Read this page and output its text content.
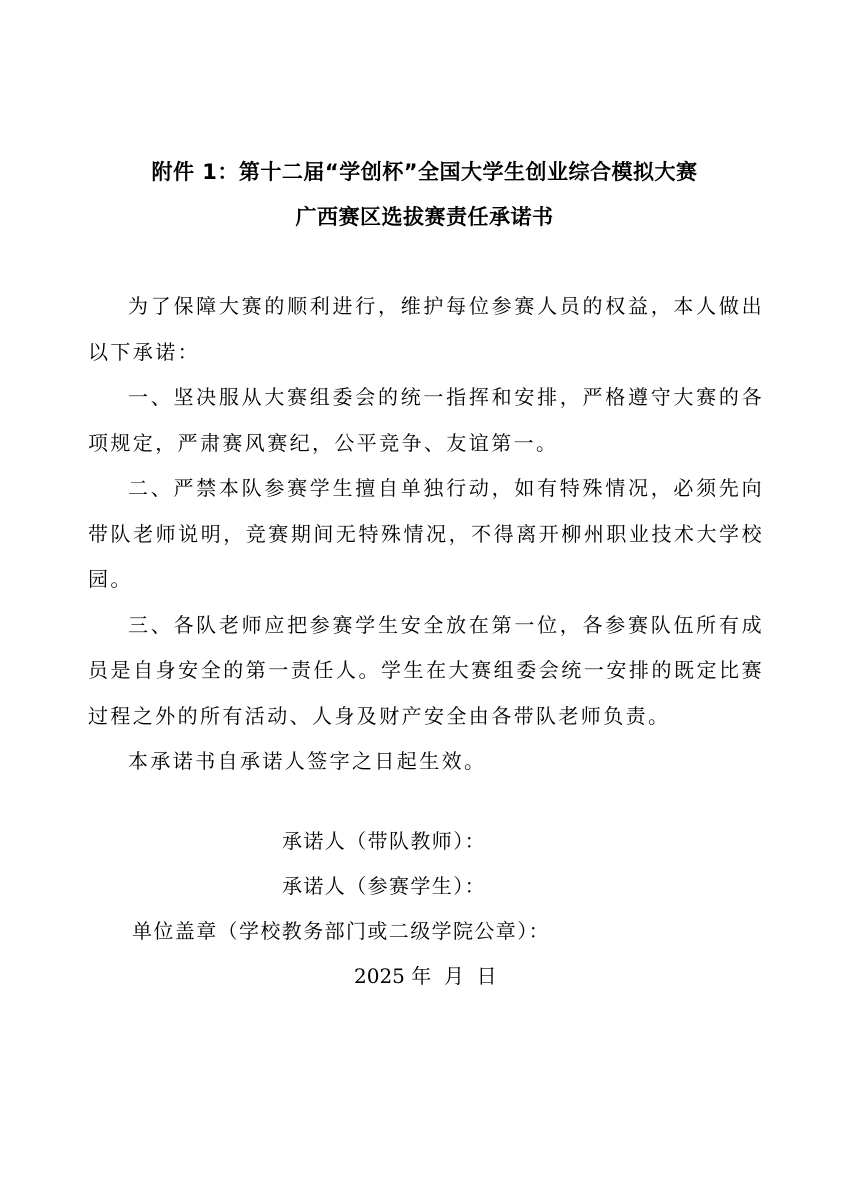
附件 1：第十二届“学创杯”全国大学生创业综合模拟大赛
广西赛区选拔赛责任承诺书

为了保障大赛的顺利进行，维护每位参赛人员的权益，本人做出以下承诺：

一、坚决服从大赛组委会的统一指挥和安排，严格遵守大赛的各项规定，严肃赛风赛纪，公平竞争、友谊第一。

二、严禁本队参赛学生擅自单独行动，如有特殊情况，必须先向带队老师说明，竞赛期间无特殊情况，不得离开柳州职业技术大学校园。

三、各队老师应把参赛学生安全放在第一位，各参赛队伍所有成员是自身安全的第一责任人。学生在大赛组委会统一安排的既定比赛过程之外的所有活动、人身及财产安全由各带队老师负责。

本承诺书自承诺人签字之日起生效。

承诺人（带队教师）：
承诺人（参赛学生）：
单位盖章（学校教务部门或二级学院公章）：
2025 年  月  日
